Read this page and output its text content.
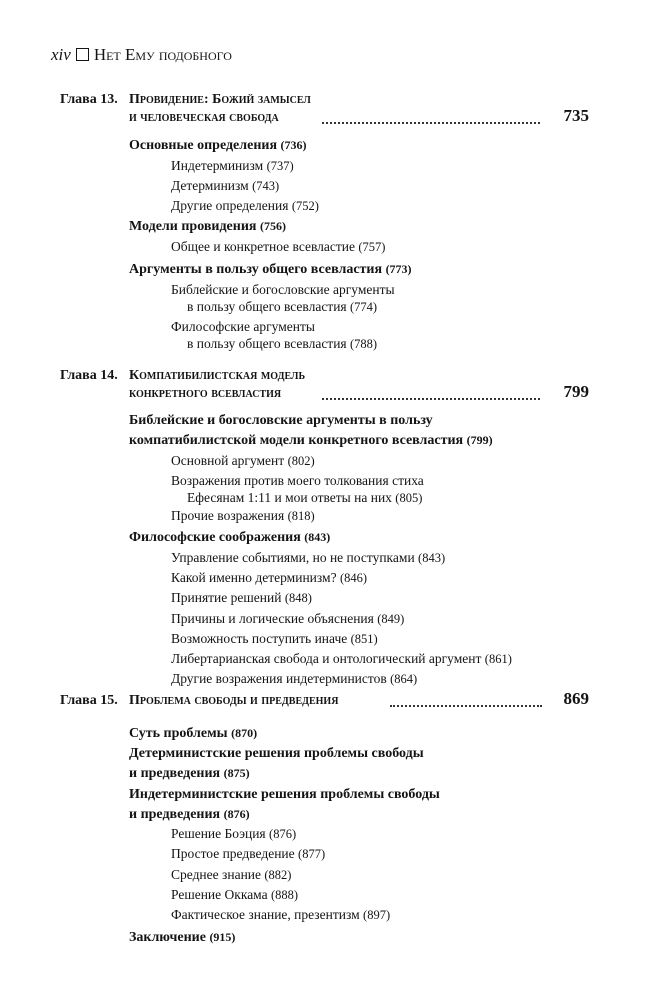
xiv Нет Ему подобного
Глава 13. Провидение: Божий замысел
и человеческая свобода	735
Основные определения (736)
Индетерминизм (737)
Детерминизм (743)
Другие определения (752)
Модели провидения (756)
Общее и конкретное всевластие (757)
Аргументы в пользу общего всевластия (773)
Библейские и богословские аргументы
в пользу общего всевластия (774)
Философские аргументы
в пользу общего всевластия (788)
Глава 14. Компатибилистская модель
конкретного всевластия	799
Библейские и богословские аргументы в пользу
компатибилистской модели конкретного всевластия (799)
Основной аргумент (802)
Возражения против моего толкования стиха
Ефесянам 1:11 и мои ответы на них (805)
Прочие возражения (818)
Философские соображения (843)
Управление событиями, но не поступками (843)
Какой именно детерминизм? (846)
Принятие решений (848)
Причины и логические объяснения (849)
Возможность поступить иначе (851)
Либертарианская свобода и онтологический аргумент (861)
Другие возражения индетерминистов (864)
Глава 15. Проблема свободы и предведения	869
Суть проблемы (870)
Детерминистские решения проблемы свободы
и предведения (875)
Индетерминистские решения проблемы свободы
и предведения (876)
Решение Боэция (876)
Простое предведение (877)
Среднее знание (882)
Решение Оккама (888)
Фактическое знание, презентизм (897)
Заключение (915)
